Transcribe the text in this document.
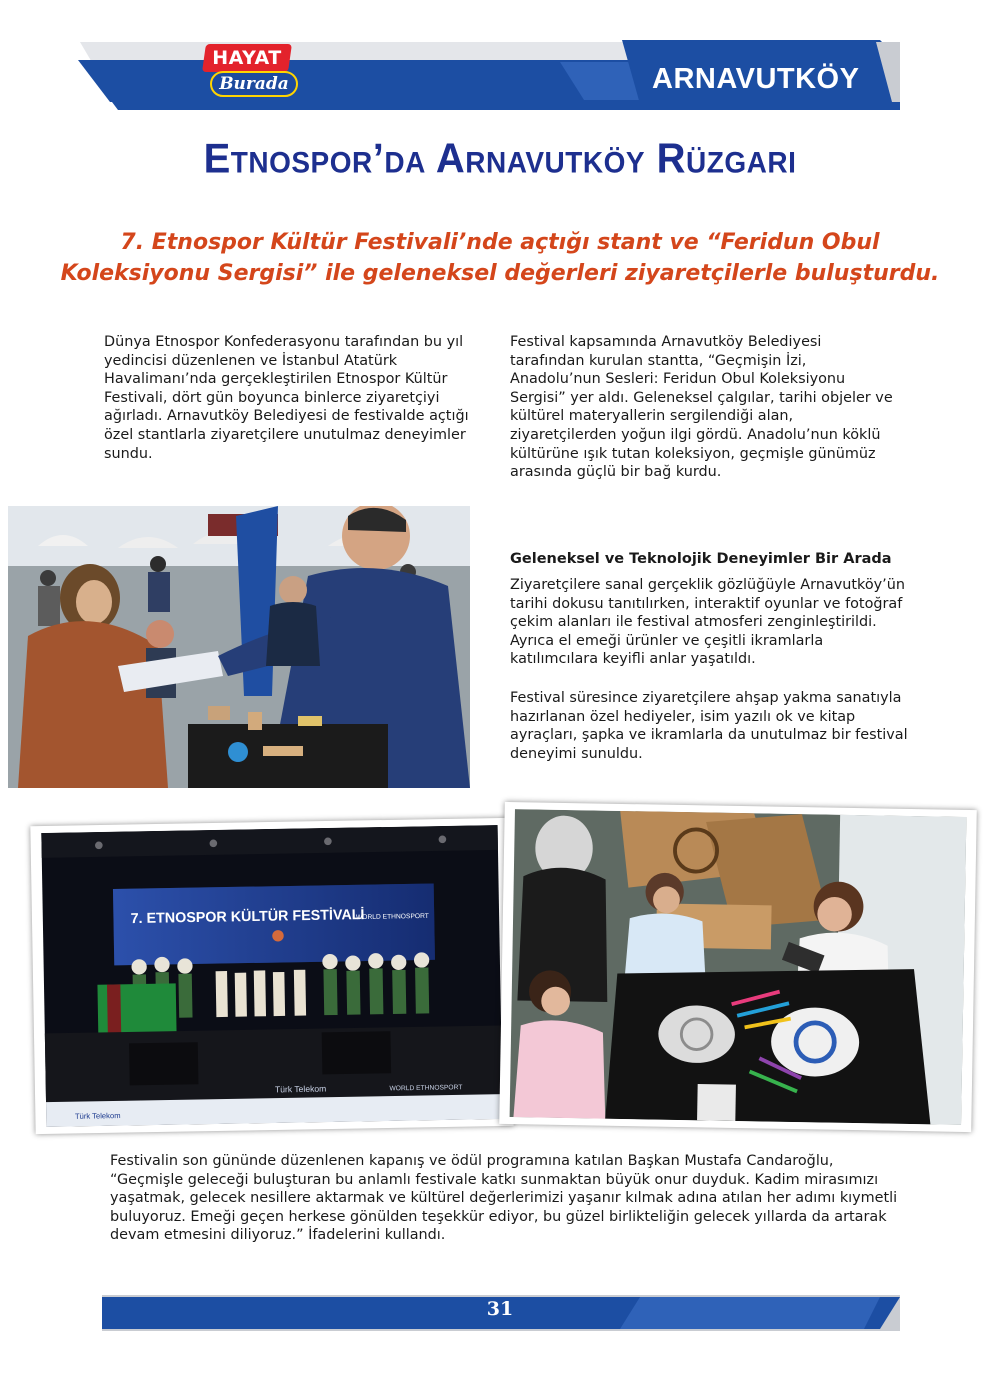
HAYAT
Burada	ARNAVUTKÖY
Etnospor’da Arnavutköy Rüzgarı

7. Etnospor Kültür Festivali’nde açtığı stant ve “Feridun Obul Koleksiyonu Sergisi” ile geleneksel değerleri ziyaretçilerle buluşturdu.

Dünya Etnospor Konfederasyonu tarafından bu yıl yedincisi düzenlenen ve İstanbul Atatürk Havalimanı’nda gerçekleştirilen Etnospor Kültür Festivali, dört gün boyunca binlerce ziyaretçiyi ağırladı. Arnavutköy Belediyesi de festivalde açtığı özel stantlarla ziyaretçilere unutulmaz deneyimler sundu.

Festival kapsamında Arnavutköy Belediyesi tarafından kurulan stantta, “Geçmişin İzi, Anadolu’nun Sesleri: Feridun Obul Koleksiyonu Sergisi” yer aldı. Geleneksel çalgılar, tarihi objeler ve kültürel materyallerin sergilendiği alan, ziyaretçilerden yoğun ilgi gördü. Anadolu’nun köklü kültürüne ışık tutan koleksiyon, geçmişle günümüz arasında güçlü bir bağ kurdu.

Geleneksel ve Teknolojik Deneyimler Bir Arada

Ziyaretçilere sanal gerçeklik gözlüğüyle Arnavutköy’ün tarihi dokusu tanıtılırken, interaktif oyunlar ve fotoğraf çekim alanları ile festival atmosferi zenginleştirildi. Ayrıca el emeği ürünler ve çeşitli ikramlarla katılımcılara keyifli anlar yaşatıldı.

Festival süresince ziyaretçilere ahşap yakma sanatıyla hazırlanan özel hediyeler, isim yazılı ok ve kitap ayraçları, şapka ve ikramlarla da unutulmaz bir festival deneyimi sunuldu.

7. ETNOSPOR KÜLTÜR FESTİVALİ
WORLD ETHNOSPORT
Türk Telekom
Türk Telekom	WORLD ETHNOSPORT

Festivalin son gününde düzenlenen kapanış ve ödül programına katılan Başkan Mustafa Candaroğlu, “Geçmişle geleceği buluşturan bu anlamlı festivale katkı sunmaktan büyük onur duyduk. Kadim mirasımızı yaşatmak, gelecek nesillere aktarmak ve kültürel değerlerimizi yaşanır kılmak adına atılan her adımı kıymetli buluyoruz. Emeği geçen herkese gönülden teşekkür ediyor, bu güzel birlikteliğin gelecek yıllarda da artarak devam etmesini diliyoruz.” İfadelerini kullandı.

31
